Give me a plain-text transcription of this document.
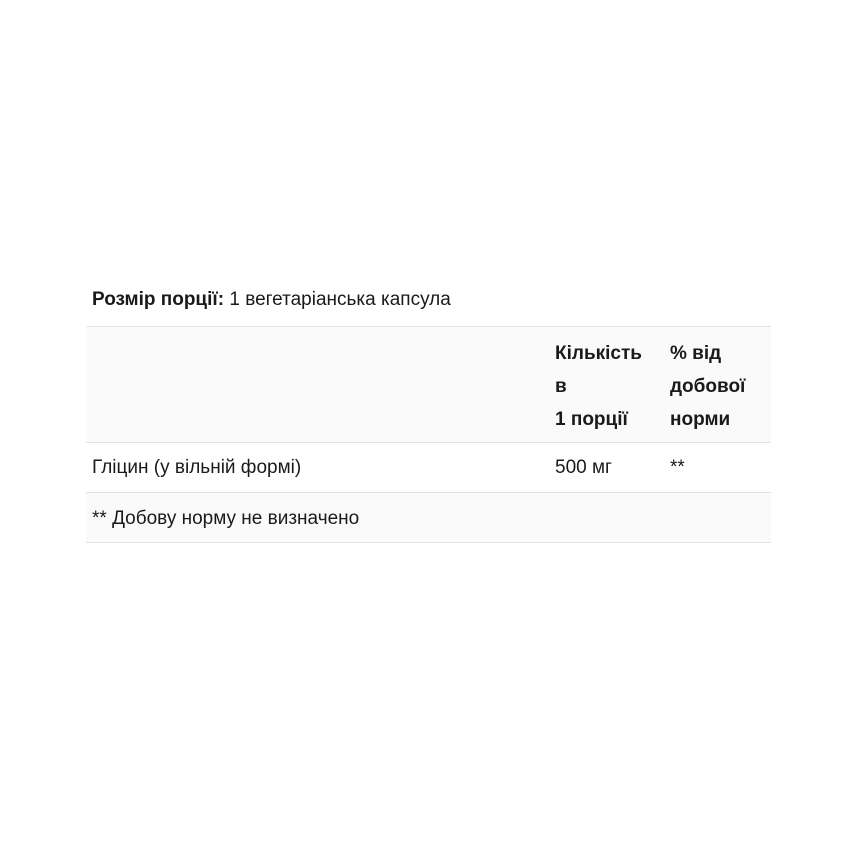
Розмір порції: 1 вегетаріанська капсула
Кількість
в
1 порції
% від
добової
норми
Гліцин (у вільній формі)	500 мг	**
** Добову норму не визначено
